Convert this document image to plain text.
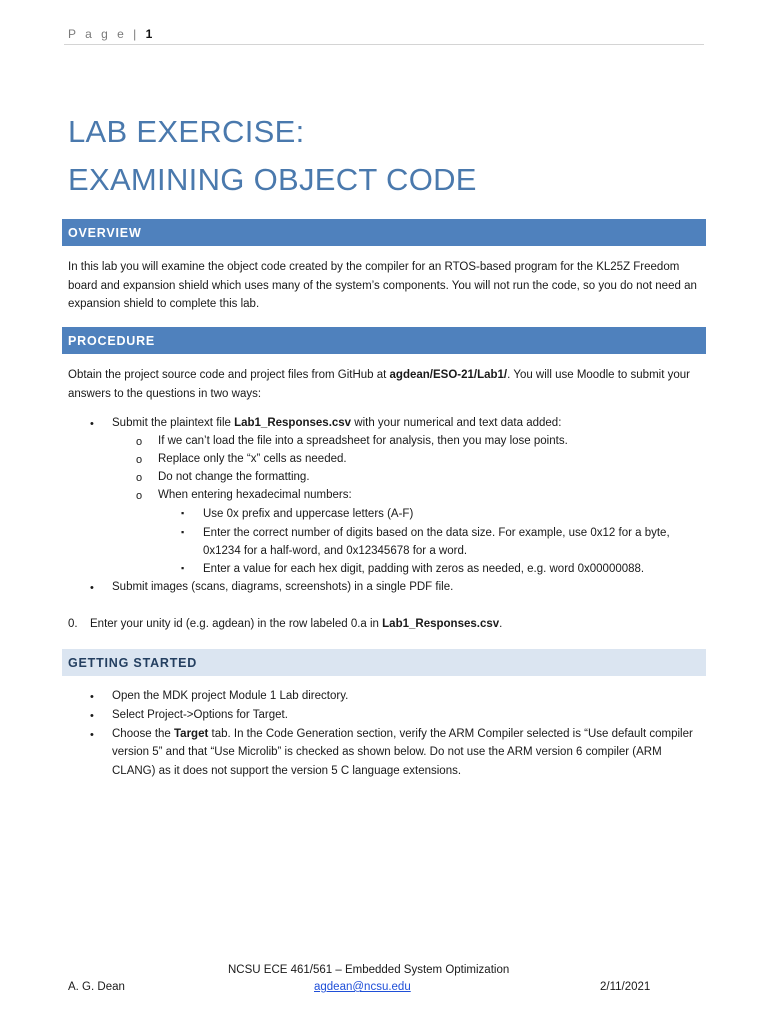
P a g e | 1
LAB EXERCISE:
EXAMINING OBJECT CODE
OVERVIEW
In this lab you will examine the object code created by the compiler for an RTOS-based program for the KL25Z Freedom board and expansion shield which uses many of the system’s components. You will not run the code, so you do not need an expansion shield to complete this lab.
PROCEDURE
Obtain the project source code and project files from GitHub at agdean/ESO-21/Lab1/. You will use Moodle to submit your answers to the questions in two ways:
• Submit the plaintext file Lab1_Responses.csv with your numerical and text data added:
o If we can’t load the file into a spreadsheet for analysis, then you may lose points.
o Replace only the “x” cells as needed.
o Do not change the formatting.
o When entering hexadecimal numbers:
▪ Use 0x prefix and uppercase letters (A-F)
▪ Enter the correct number of digits based on the data size. For example, use 0x12 for a byte,
0x1234 for a half-word, and 0x12345678 for a word.
▪ Enter a value for each hex digit, padding with zeros as needed, e.g. word 0x00000088.
• Submit images (scans, diagrams, screenshots) in a single PDF file.
0. Enter your unity id (e.g. agdean) in the row labeled 0.a in Lab1_Responses.csv.
GETTING STARTED
• Open the MDK project Module 1 Lab directory.
• Select Project->Options for Target.
• Choose the Target tab. In the Code Generation section, verify the ARM Compiler selected is “Use default compiler
version 5” and that “Use Microlib” is checked as shown below. Do not use the ARM version 6 compiler (ARM
CLANG) as it does not support the version 5 C language extensions.
NCSU ECE 461/561 – Embedded System Optimization
A. G. Dean	agdean@ncsu.edu	2/11/2021
